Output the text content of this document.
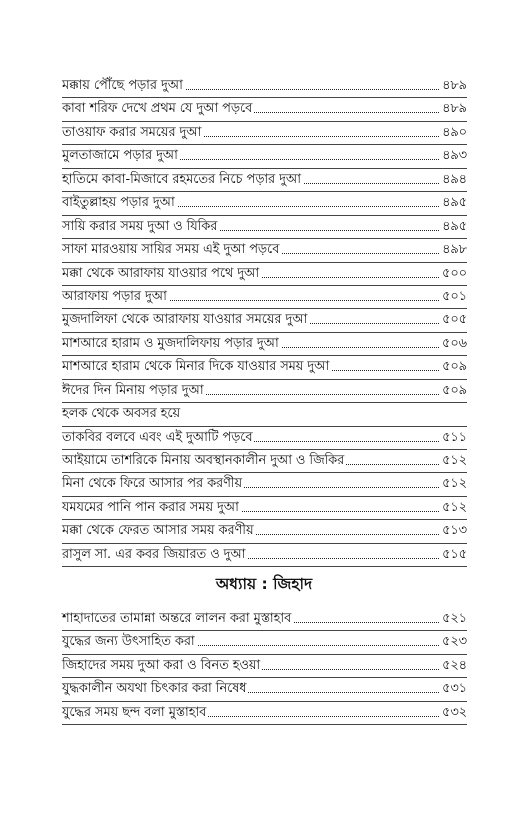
মক্কায় পৌঁছে পড়ার দুআ	৪৮৯
কাবা শরিফ দেখে প্রথম যে দুআ পড়বে	৪৮৯
তাওয়াফ করার সময়ের দুআ	৪৯০
মুলতাজামে পড়ার দুআ	৪৯৩
হাতিমে কাবা-মিজাবে রহমতের নিচে পড়ার দুআ	৪৯৪
বাইতুল্লাহয় পড়ার দুআ	৪৯৫
সায়ি করার সময় দুআ ও যিকির	৪৯৫
সাফা মারওয়ায় সায়ির সময় এই দুআ পড়বে	৪৯৮
মক্কা থেকে আরাফায় যাওয়ার পথে দুআ	৫০০
আরাফায় পড়ার দুআ	৫০১
মুজদালিফা থেকে আরাফায় যাওয়ার সময়ের দুআ	৫০৫
মাশআরে হারাম ও মুজদালিফায় পড়ার দুআ	৫০৬
মাশআরে হারাম থেকে মিনার দিকে যাওয়ার সময় দুআ	৫০৯
ঈদের দিন মিনায় পড়ার দুআ	৫০৯
হলক থেকে অবসর হয়ে
তাকবির বলবে এবং এই দুআটি পড়বে	৫১১
আইয়ামে তাশরিকে মিনায় অবস্থানকালীন দুআ ও জিকির	৫১২
মিনা থেকে ফিরে আসার পর করণীয়	৫১২
যমযমের পানি পান করার সময় দুআ	৫১২
মক্কা থেকে ফেরত আসার সময় করণীয়	৫১৩
রাসুল সা. এর কবর জিয়ারত ও দুআ	৫১৫
অধ্যায় : জিহাদ
শাহাদাতের তামান্না অন্তরে লালন করা মুস্তাহাব	৫২১
যুদ্ধের জন্য উৎসাহিত করা	৫২৩
জিহাদের সময় দুআ করা ও বিনত হওয়া	৫২৪
যুদ্ধকালীন অযথা চিৎকার করা নিষেধ	৫৩১
যুদ্ধের সময় ছন্দ বলা মুস্তাহাব	৫৩২
